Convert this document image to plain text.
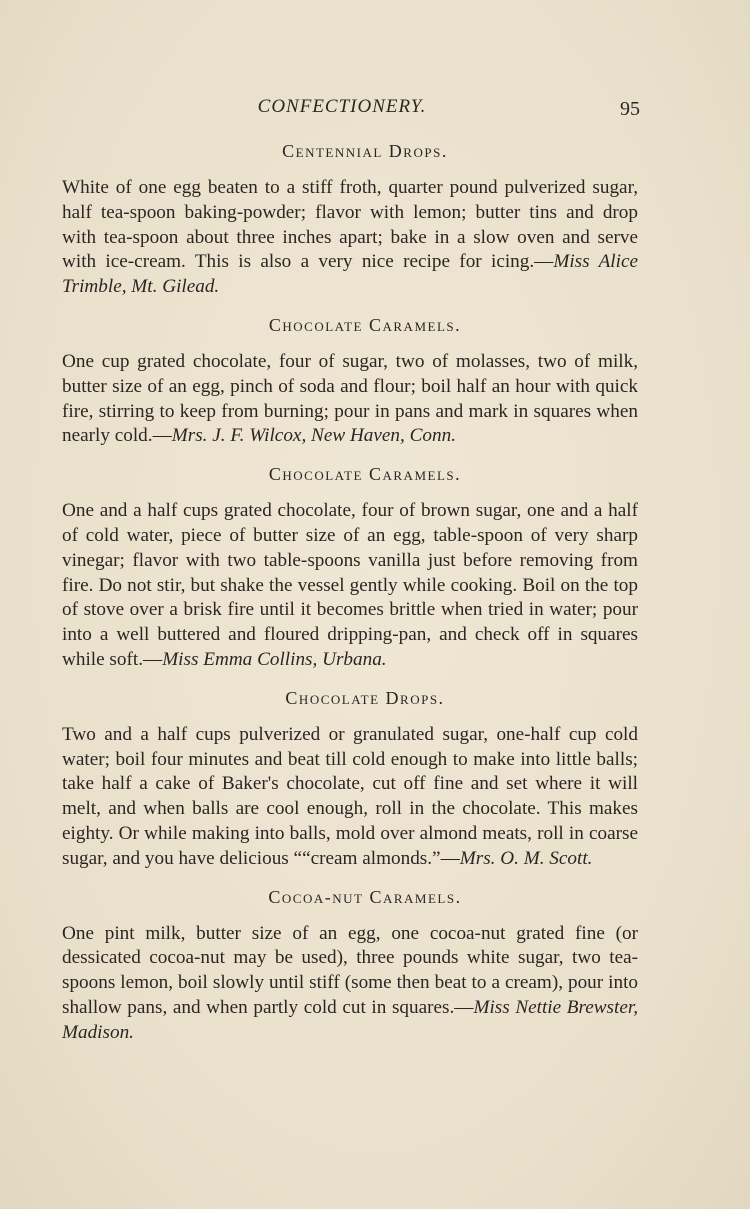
CONFECTIONERY.	95
Centennial Drops.

White of one egg beaten to a stiff froth, quarter pound pulverized sugar, half tea-spoon baking-powder; flavor with lemon; butter tins and drop with tea-spoon about three inches apart; bake in a slow oven and serve with ice-cream. This is also a very nice recipe for icing.—Miss Alice Trimble, Mt. Gilead.

Chocolate Caramels.

One cup grated chocolate, four of sugar, two of molasses, two of milk, butter size of an egg, pinch of soda and flour; boil half an hour with quick fire, stirring to keep from burning; pour in pans and mark in squares when nearly cold.—Mrs. J. F. Wilcox, New Haven, Conn.

Chocolate Caramels.

One and a half cups grated chocolate, four of brown sugar, one and a half of cold water, piece of butter size of an egg, table-spoon of very sharp vinegar; flavor with two table-spoons vanilla just before removing from fire. Do not stir, but shake the vessel gently while cooking. Boil on the top of stove over a brisk fire until it becomes brittle when tried in water; pour into a well buttered and floured dripping-pan, and check off in squares while soft.—Miss Emma Collins, Urbana.

Chocolate Drops.

Two and a half cups pulverized or granulated sugar, one-half cup cold water; boil four minutes and beat till cold enough to make into little balls; take half a cake of Baker's chocolate, cut off fine and set where it will melt, and when balls are cool enough, roll in the chocolate. This makes eighty. Or while making into balls, mold over almond meats, roll in coarse sugar, and you have delicious ““cream almonds.”—Mrs. O. M. Scott.

Cocoa-nut Caramels.

One pint milk, butter size of an egg, one cocoa-nut grated fine (or dessicated cocoa-nut may be used), three pounds white sugar, two tea-spoons lemon, boil slowly until stiff (some then beat to a cream), pour into shallow pans, and when partly cold cut in squares.—Miss Nettie Brewster, Madison.
